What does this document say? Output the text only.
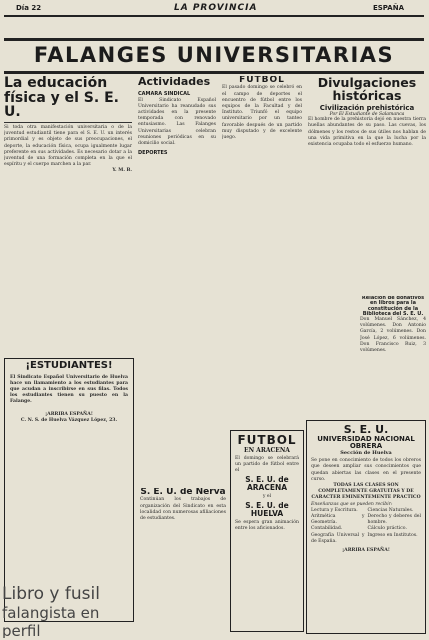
Día 22	LA PROVINCIA	ESPAÑA
FALANGES UNIVERSITARIAS
La educación física y el S. E. U.

Si toda otra manifestación universitaria o de la juventud estudiantil tiene para el S. E. U. un interés primordial y es objeto de sus preocupaciones, el deporte, la educación física, ocupa igualmente lugar preferente en sus actividades. Es necesario dotar a la juventud de una formación completa en la que el espíritu y el cuerpo marchen a la par.

Y. M. B.

Actividades
CAMARA SINDICAL

El Sindicato Español Universitario ha reanudado sus actividades en la presente temporada con renovado entusiasmo. Las Falanges Universitarias celebran reuniones periódicas en su domicilio social.

DEPORTES
FUTBOL

El pasado domingo se celebró en el campo de deportes el encuentro de fútbol entre los equipos de la Facultad y del Instituto. Triunfó el equipo universitario por un tanteo favorable después de un partido muy disputado y de excelente juego.

Divulgaciones históricas
Civilización prehistórica
Por El Estudiante de Salamanca

El hombre de la prehistoria dejó en nuestra tierra huellas abundantes de su paso. Las cuevas, los dólmenes y los restos de sus útiles nos hablan de una vida primitiva en la que la lucha por la existencia ocupaba todo el esfuerzo humano.

Relación de donativos en libros para la constitución de la Biblioteca del S. E. U.

Don Manuel Sánchez, 4 volúmenes. Don Antonio García, 2 volúmenes. Don José López, 6 volúmenes. Don Francisco Ruiz, 3 volúmenes.

¡ESTUDIANTES!

El Sindicato Español Universitario de Huelva hace un llamamiento a los estudiantes para que acudan a inscribirse en sus filas. Todos los estudiantes tienen su puesto en la Falange.

¡ARRIBA ESPAÑA!

C. N. S. de Huelva Vázquez López, 23.

Libro y fusil
falangista en perfil
S. E. U. de Nerva

Continúan los trabajos de organización del Sindicato en esta localidad con numerosas afiliaciones de estudiantes.

FUTBOL
EN ARACENA

El domingo se celebrará un partido de fútbol entre el

S. E. U. de ARACENA

y el

S. E. U. de HUELVA

Se espera gran animación entre los aficionados.

S. E. U.
UNIVERSIDAD NACIONAL OBRERA
Sección de Huelva

Se pone en conocimiento de todos los obreros que deseen ampliar sus conocimientos que quedan abiertas las clases en el presente curso.

TODAS LAS CLASES SON COMPLETAMENTE GRATUITAS Y DE CARACTER EMINENTEMENTE PRACTICO

Enseñanzas que se pueden recibir:

Lectura y Escritura.
Aritmética y Geometría.
Contabilidad.
Geografía Universal y de España.
Ciencias Naturales.
Derecho y deberes del hombre.
Cálculo práctico.
Ingreso en Institutos.

¡ARRIBA ESPAÑA!
